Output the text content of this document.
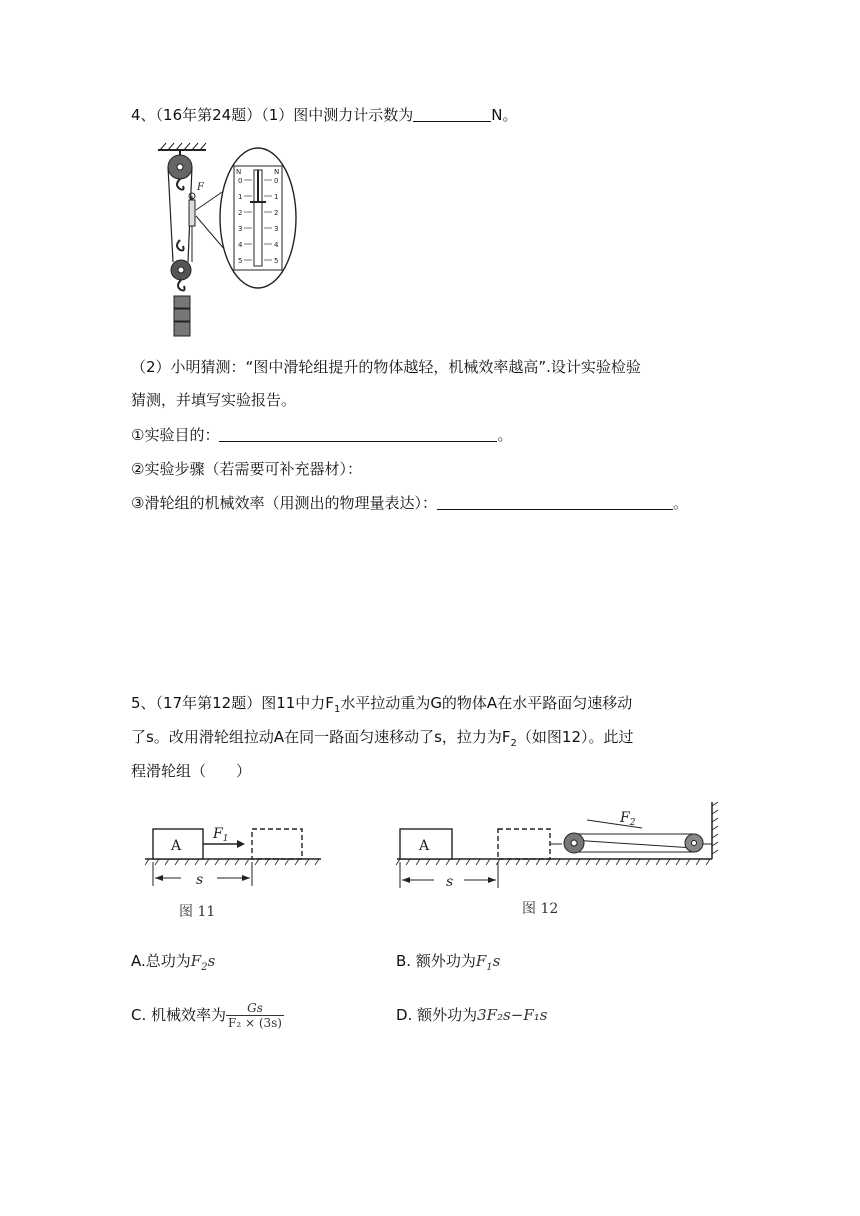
4、（16年第24题）（1）图中测力计示数为	N。
F
N	N
0
1
2
3
4
5
0
1
2
3
4
5
（2）小明猜测：“图中滑轮组提升的物体越轻，机械效率越高”.设计实验检验
猜测，并填写实验报告。
①实验目的：	。
②实验步骤（若需要可补充器材）：
③滑轮组的机械效率（用测出的物理量表达）：	。
5、（17年第12题）图11中力$F_1$水平拉动重为G的物体A在水平路面匀速移动
了s。改用滑轮组拉动A在同一路面匀速移动了s，拉力为$F_2$（如图12）。此过
程滑轮组（　　）
A
$F_1$
s
图 11
A
$F_2$
s
图 12
A.总功为$F_2s$	B. 额外功为$F_1s$
C. 机械效率为 $\frac{Gs}{\text{F₂ × (3s)}}$	D. 额外功为3F₂s−F₁s
